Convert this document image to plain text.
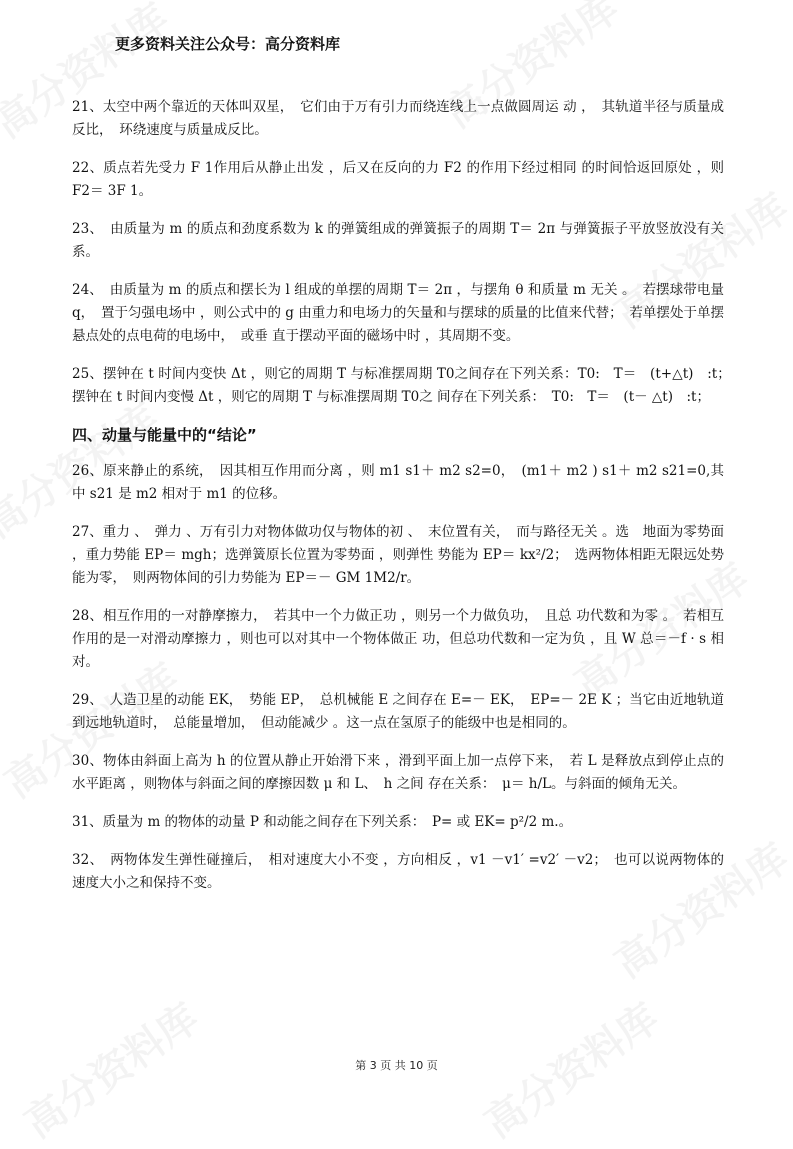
更多资料关注公众号：高分资料库

21、太空中两个靠近的天体叫双星，　它们由于万有引力而绕连线上一点做圆周运 动 ，　其轨道半径与质量成反比，　环绕速度与质量成反比。

22、质点若先受力 F 1作用后从静止出发 ，后又在反向的力 F2 的作用下经过相同 的时间恰返回原处 ，则 F2＝ 3F 1。

23、　由质量为 m 的质点和劲度系数为 k 的弹簧组成的弹簧振子的周期 T＝ 2π 与弹簧振子平放竖放没有关系。

24、　由质量为 m 的质点和摆长为 l 组成的单摆的周期 T＝ 2π ，与摆角 θ 和质量 m 无关 。　若摆球带电量 q，　置于匀强电场中 ，则公式中的 g 由重力和电场力的矢量和与摆球的质量的比值来代替；　若单摆处于单摆悬点处的点电荷的电场中，　或垂 直于摆动平面的磁场中时 ，其周期不变。

25、摆钟在 t 时间内变快 Δt ，则它的周期 T 与标准摆周期 T0之间存在下列关系：T0:　T＝　(t+△t)　:t；　摆钟在 t 时间内变慢 Δt ，则它的周期 T 与标准摆周期 T0之 间存在下列关系：　T0:　T＝　(t－ △t)　:t；

四、动量与能量中的“结论”

26、原来静止的系统，　因其相互作用而分离 ，则 m1 s1＋ m2 s2=0，　(m1＋ m2 ) s1＋ m2 s21=0,其中 s21 是 m2 相对于 m1 的位移。

27、重力 、　弹力 、万有引力对物体做功仅与物体的初 、　末位置有关，　而与路径无关 。选　地面为零势面 ，重力势能 EP＝ mgh；选弹簧原长位置为零势面 ，则弹性 势能为 EP＝ kx²/2；　选两物体相距无限远处势能为零，　则两物体间的引力势能为 EP＝－ GM 1M2/r。

28、相互作用的一对静摩擦力，　若其中一个力做正功 ，则另一个力做负功，　且总 功代数和为零 。　若相互作用的是一对滑动摩擦力 ，则也可以对其中一个物体做正 功，但总功代数和一定为负 ，且 W 总＝－f · s 相对。

29、　人造卫星的动能 EK，　势能 EP，　总机械能 E 之间存在 E=－ EK，　EP=－ 2E K ；当它由近地轨道到远地轨道时，　总能量增加，　但动能减少 。这一点在氢原子的能级中也是相同的。

30、物体由斜面上高为 h 的位置从静止开始滑下来 ，滑到平面上加一点停下来，　若 L 是释放点到停止点的水平距离 ，则物体与斜面之间的摩擦因数 μ 和 L、　h 之间 存在关系：　μ＝ h/L。与斜面的倾角无关。

31、质量为 m 的物体的动量 P 和动能之间存在下列关系：　P= 或 EK= p²/2 m.。

32、　两物体发生弹性碰撞后，　相对速度大小不变 ，方向相反 ，v1 －v1′ =v2′ －v2；　也可以说两物体的速度大小之和保持不变。

第 3 页 共 10 页
